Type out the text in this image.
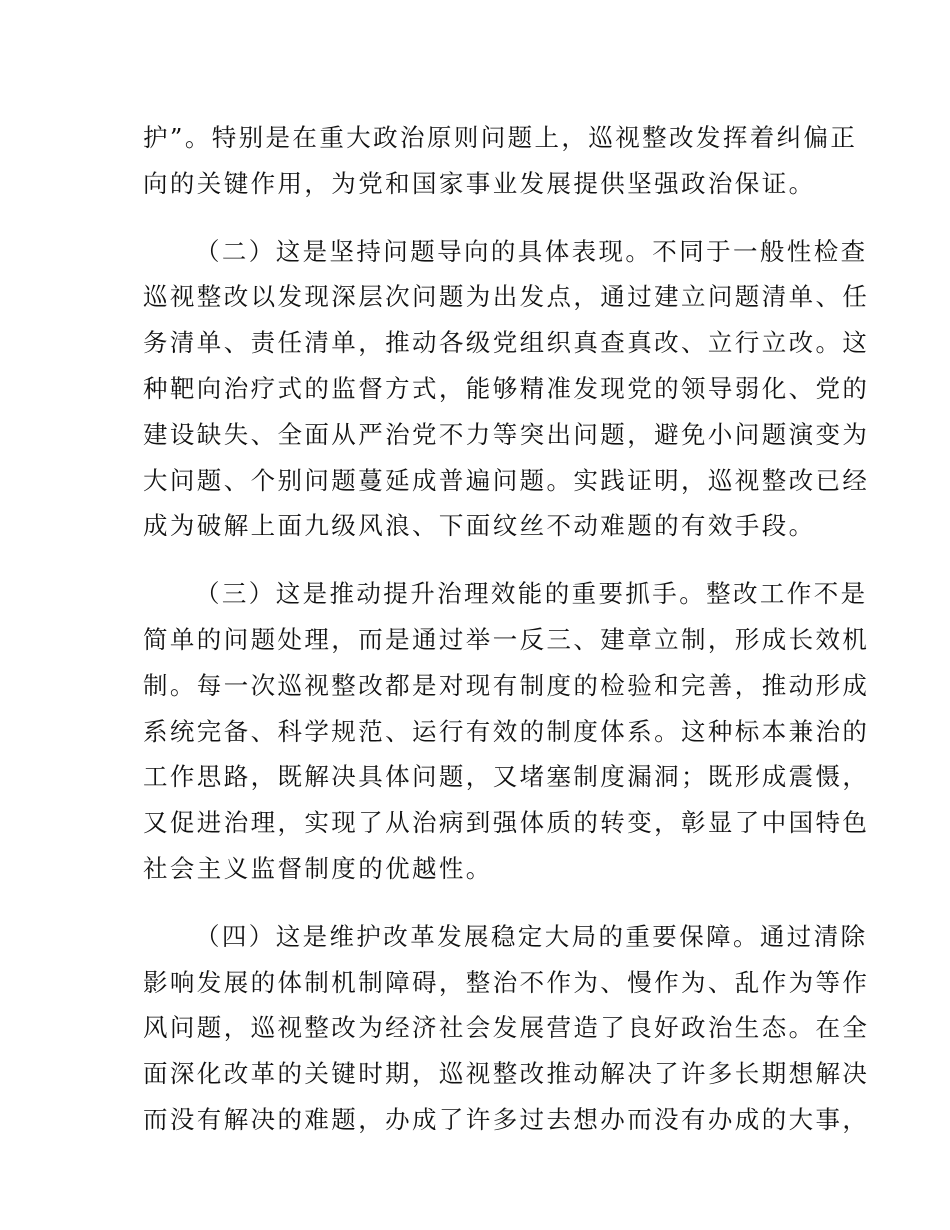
护”。特别是在重大政治原则问题上，巡视整改发挥着纠偏正
向的关键作用，为党和国家事业发展提供坚强政治保证。
（二）这是坚持问题导向的具体表现。不同于一般性检查
巡视整改以发现深层次问题为出发点，通过建立问题清单、任
务清单、责任清单，推动各级党组织真查真改、立行立改。这
种靶向治疗式的监督方式，能够精准发现党的领导弱化、党的
建设缺失、全面从严治党不力等突出问题，避免小问题演变为
大问题、个别问题蔓延成普遍问题。实践证明，巡视整改已经
成为破解上面九级风浪、下面纹丝不动难题的有效手段。
（三）这是推动提升治理效能的重要抓手。整改工作不是
简单的问题处理，而是通过举一反三、建章立制，形成长效机
制。每一次巡视整改都是对现有制度的检验和完善，推动形成
系统完备、科学规范、运行有效的制度体系。这种标本兼治的
工作思路，既解决具体问题，又堵塞制度漏洞；既形成震慑，
又促进治理，实现了从治病到强体质的转变，彰显了中国特色
社会主义监督制度的优越性。
（四）这是维护改革发展稳定大局的重要保障。通过清除
影响发展的体制机制障碍，整治不作为、慢作为、乱作为等作
风问题，巡视整改为经济社会发展营造了良好政治生态。在全
面深化改革的关键时期，巡视整改推动解决了许多长期想解决
而没有解决的难题，办成了许多过去想办而没有办成的大事，
